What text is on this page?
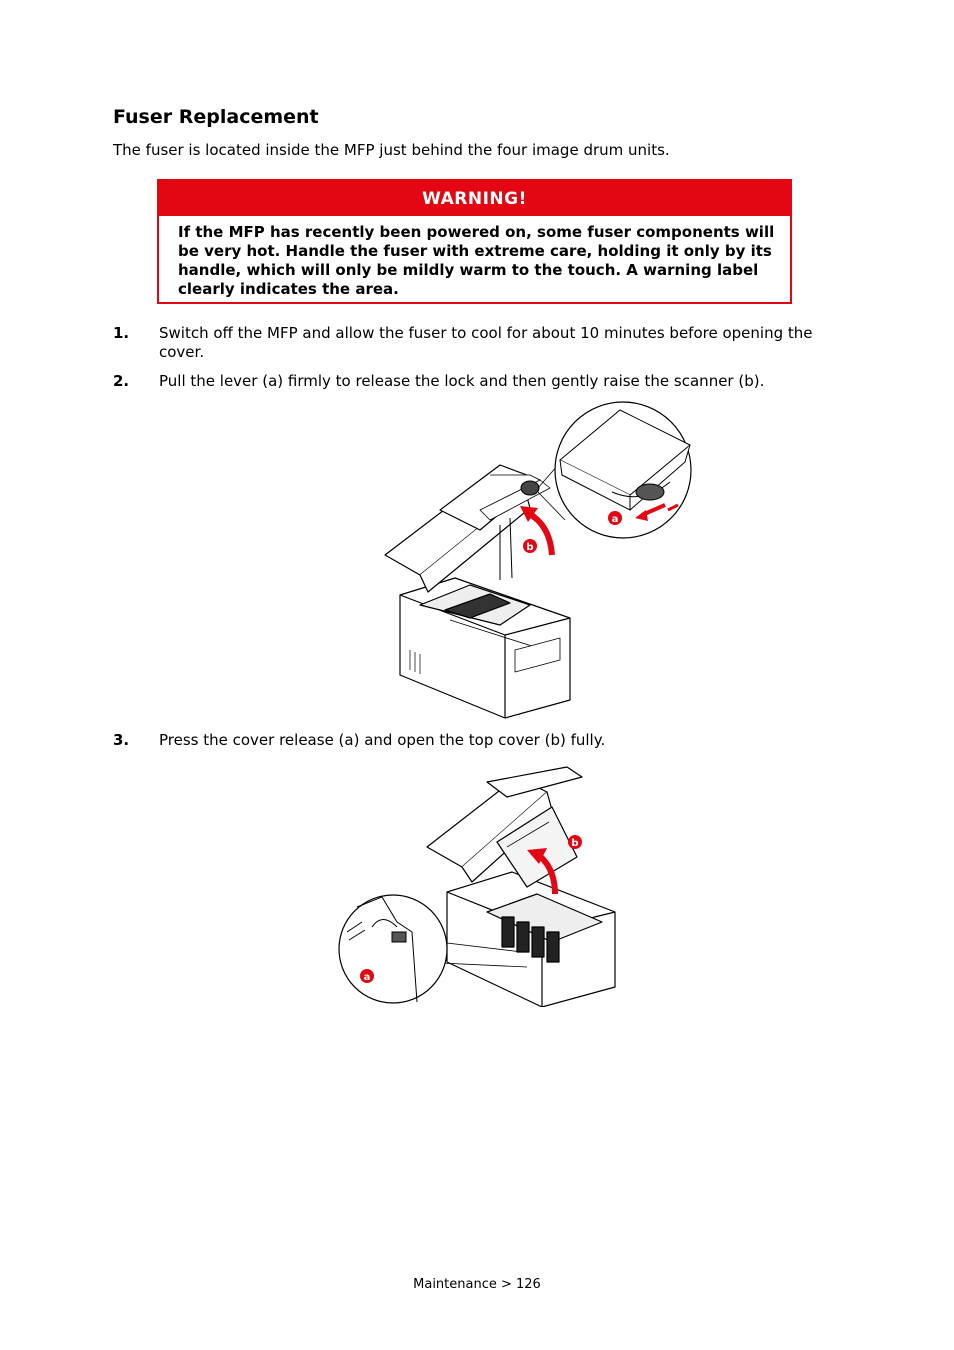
Fuser Replacement

The fuser is located inside the MFP just behind the four image drum units.

WARNING!

If the MFP has recently been powered on, some fuser components will be very hot. Handle the fuser with extreme care, holding it only by its handle, which will only be mildly warm to the touch. A warning label clearly indicates the area.

1. Switch off the MFP and allow the fuser to cool for about 10 minutes before opening the cover.

2. Pull the lever (a) firmly to release the lock and then gently raise the scanner (b).

b
a
3. Press the cover release (a) and open the top cover (b) fully.

b
a
Maintenance > 126
